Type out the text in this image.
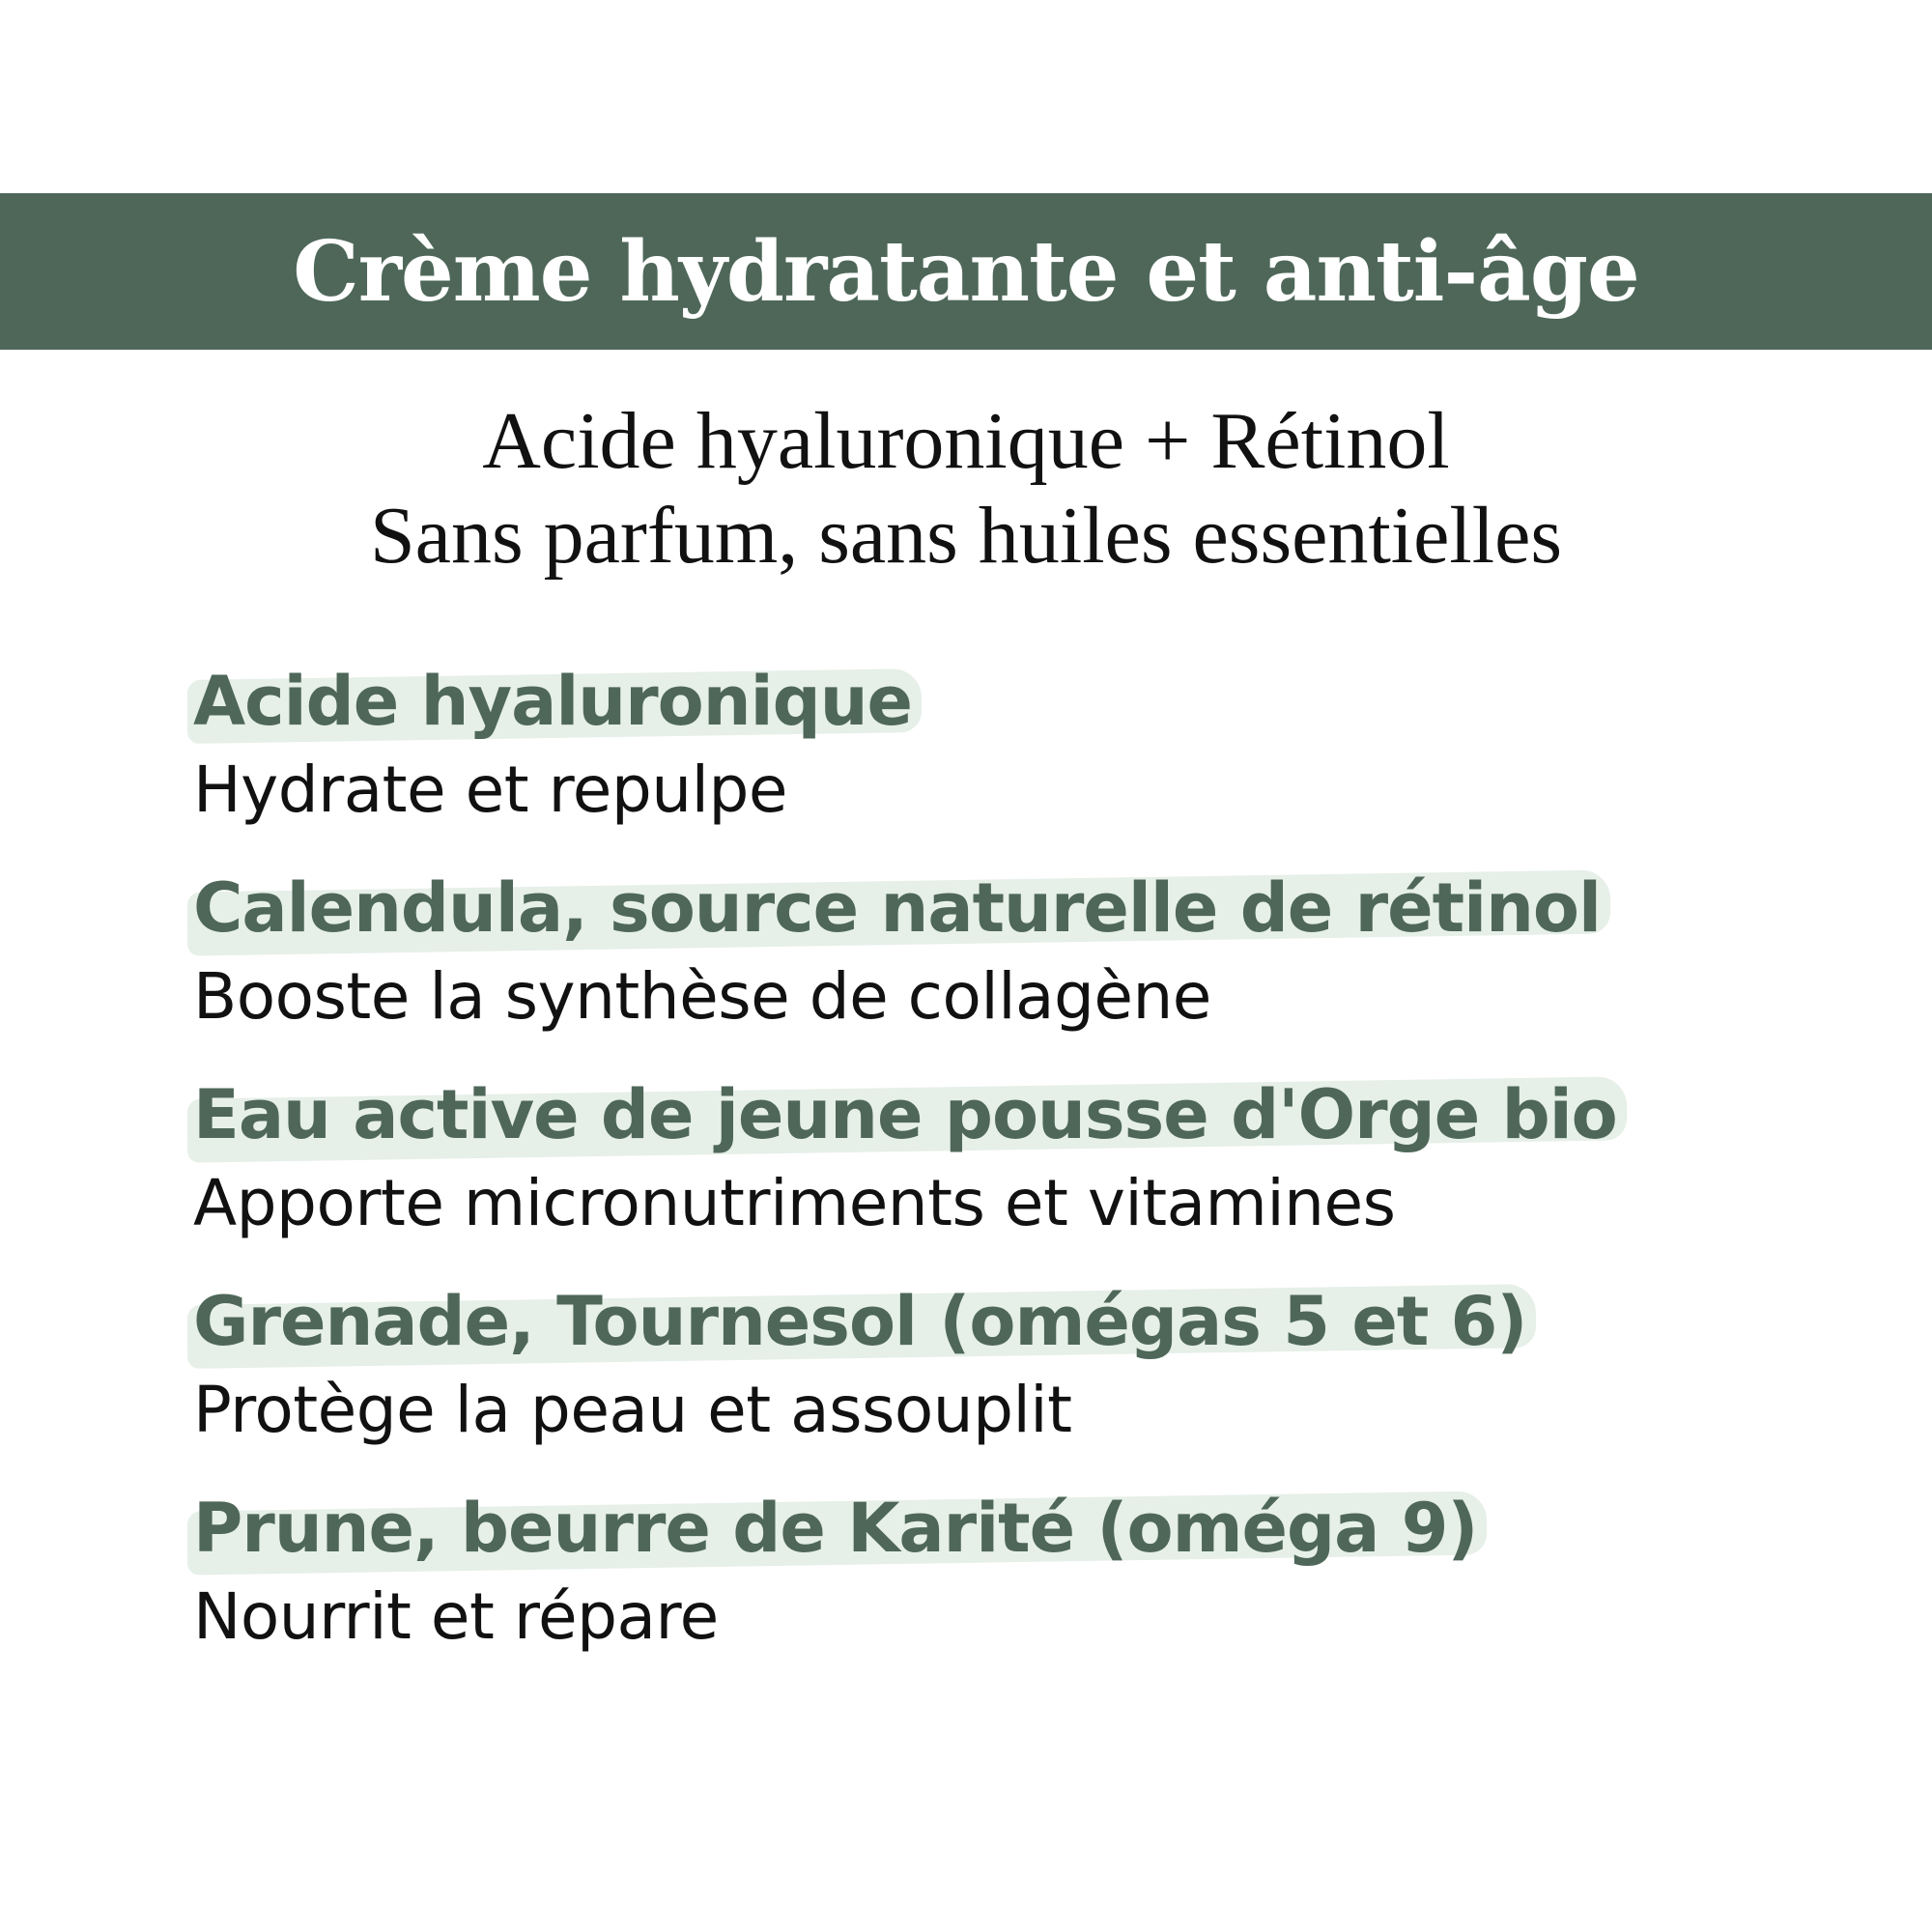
Crème hydratante et anti-âge
Acide hyaluronique + Rétinol
Sans parfum, sans huiles essentielles
Acide hyaluronique
Hydrate et repulpe
Calendula, source naturelle de rétinol
Booste la synthèse de collagène
Eau active de jeune pousse d'Orge bio
Apporte micronutriments et vitamines
Grenade, Tournesol (omégas 5 et 6)
Protège la peau et assouplit
Prune, beurre de Karité (oméga 9)
Nourrit et répare
